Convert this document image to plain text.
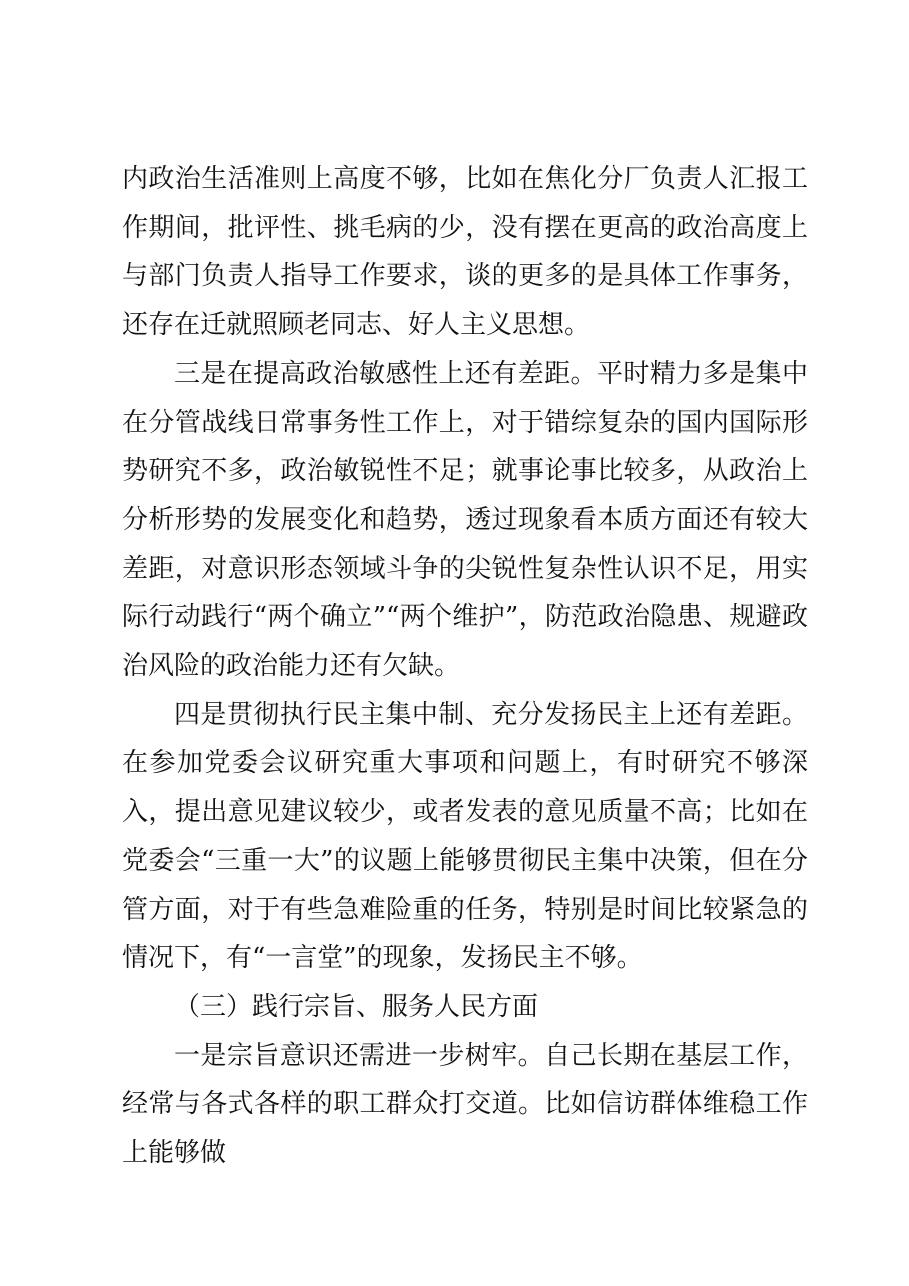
内政治生活准则上高度不够，比如在焦化分厂负责人汇报工作期间，批评性、挑毛病的少，没有摆在更高的政治高度上与部门负责人指导工作要求，谈的更多的是具体工作事务，还存在迁就照顾老同志、好人主义思想。

三是在提高政治敏感性上还有差距。平时精力多是集中在分管战线日常事务性工作上，对于错综复杂的国内国际形势研究不多，政治敏锐性不足；就事论事比较多，从政治上分析形势的发展变化和趋势，透过现象看本质方面还有较大差距，对意识形态领域斗争的尖锐性复杂性认识不足，用实际行动践行“两个确立”“两个维护”，防范政治隐患、规避政治风险的政治能力还有欠缺。

四是贯彻执行民主集中制、充分发扬民主上还有差距。在参加党委会议研究重大事项和问题上，有时研究不够深入，提出意见建议较少，或者发表的意见质量不高；比如在党委会“三重一大”的议题上能够贯彻民主集中决策，但在分管方面，对于有些急难险重的任务，特别是时间比较紧急的情况下，有“一言堂”的现象，发扬民主不够。

（三）践行宗旨、服务人民方面

一是宗旨意识还需进一步树牢。自己长期在基层工作，经常与各式各样的职工群众打交道。比如信访群体维稳工作上能够做
